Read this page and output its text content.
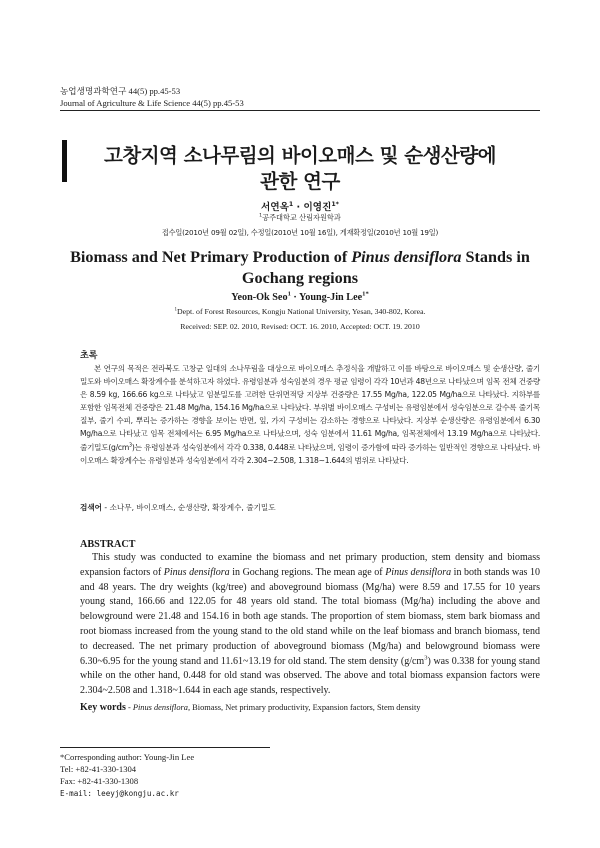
농업생명과학연구 44(5) pp.45-53
Journal of Agriculture & Life Science 44(5) pp.45-53
고창지역 소나무림의 바이오매스 및 순생산량에
관한 연구
서연옥$^1$ · 이영진$^{1*}$
$^1$공주대학교 산림자원학과
접수일(2010년 09월 02일), 수정일(2010년 10월 16일), 게재확정일(2010년 10월 19일)
Biomass and Net Primary Production of Pinus densiflora Stands in
Gochang regions
Yeon-Ok Seo$^1$ · Young-Jin Lee$^{1*}$
$^1$Dept. of Forest Resources, Kongju National University, Yesan, 340-802, Korea.
Received: SEP. 02. 2010, Revised: OCT. 16. 2010, Accepted: OCT. 19. 2010
초록

본 연구의 목적은 전라북도 고창군 일대의 소나무림을 대상으로 바이오매스 추정식을 개발하고 이를 바탕으로 바이오매스 및 순생산량, 줄기밀도와 바이오매스 확장계수를 분석하고자 하였다. 유령임분과 성숙임분의 경우 평균 임령이 각각 10년과 48년으로 나타났으며 임목 전체 건중량은 8.59 kg, 166.66 kg으로 나타났고 임분밀도를 고려한 단위면적당 지상부 건중량은 17.55 Mg/ha, 122.05 Mg/ha으로 나타났다. 지하부를 포함한 임목전체 건중량은 21.48 Mg/ha, 154.16 Mg/ha으로 나타났다. 부위별 바이오매스 구성비는 유령임분에서 성숙임분으로 갈수록 줄기목질부, 줄기 수피, 뿌리는 증가하는 경향을 보이는 반면, 잎, 가지 구성비는 감소하는 경향으로 나타났다. 지상부 순생산량은 유령임분에서 6.30 Mg/ha으로 나타났고 임목 전체에서는 6.95 Mg/ha으로 나타났으며, 성숙 임분에서 11.61 Mg/ha, 임목전체에서 13.19 Mg/ha으로 나타났다. 줄기밀도$(g/cm^3)$는 유령임분과 성숙임분에서 각각 0.338, 0.448로 나타났으며, 임령이 증가함에 따라 증가하는 일반적인 경향으로 나타났다. 바이오매스 확장계수는 유령임분과 성숙임분에서 각각 2.304~2.508, 1.318~1.644의 범위로 나타났다.

검색어 - 소나무, 바이오매스, 순생산량, 확장계수, 줄기밀도
ABSTRACT

This study was conducted to examine the biomass and net primary production, stem density and biomass expansion factors of Pinus densiflora in Gochang regions. The mean age of Pinus densiflora in both stands was 10 and 48 years. The dry weights (kg/tree) and aboveground biomass (Mg/ha) were 8.59 and 17.55 for 10 years young stand, 166.66 and 122.05 for 48 years old stand. The total biomass (Mg/ha) including the above and belowground were 21.48 and 154.16 in both age stands. The proportion of stem biomass, stem bark biomass and root biomass increased from the young stand to the old stand while on the leaf biomass and branch biomass, tend to decreased. The net primary production of aboveground biomass (Mg/ha) and belowground biomass were 6.30~6.95 for the young stand and 11.61~13.19 for old stand. The stem density $(g/cm^3)$ was 0.338 for young stand while on the other hand, 0.448 for old stand was observed. The above and total biomass expansion factors were 2.304~2.508 and 1.318~1.644 in each age stands, respectively.

Key words - Pinus densiflora, Biomass, Net primary productivity, Expansion factors, Stem density
*Corresponding author: Young-Jin Lee
Tel: +82-41-330-1304
Fax: +82-41-330-1308
E-mail: leeyj@kongju.ac.kr
